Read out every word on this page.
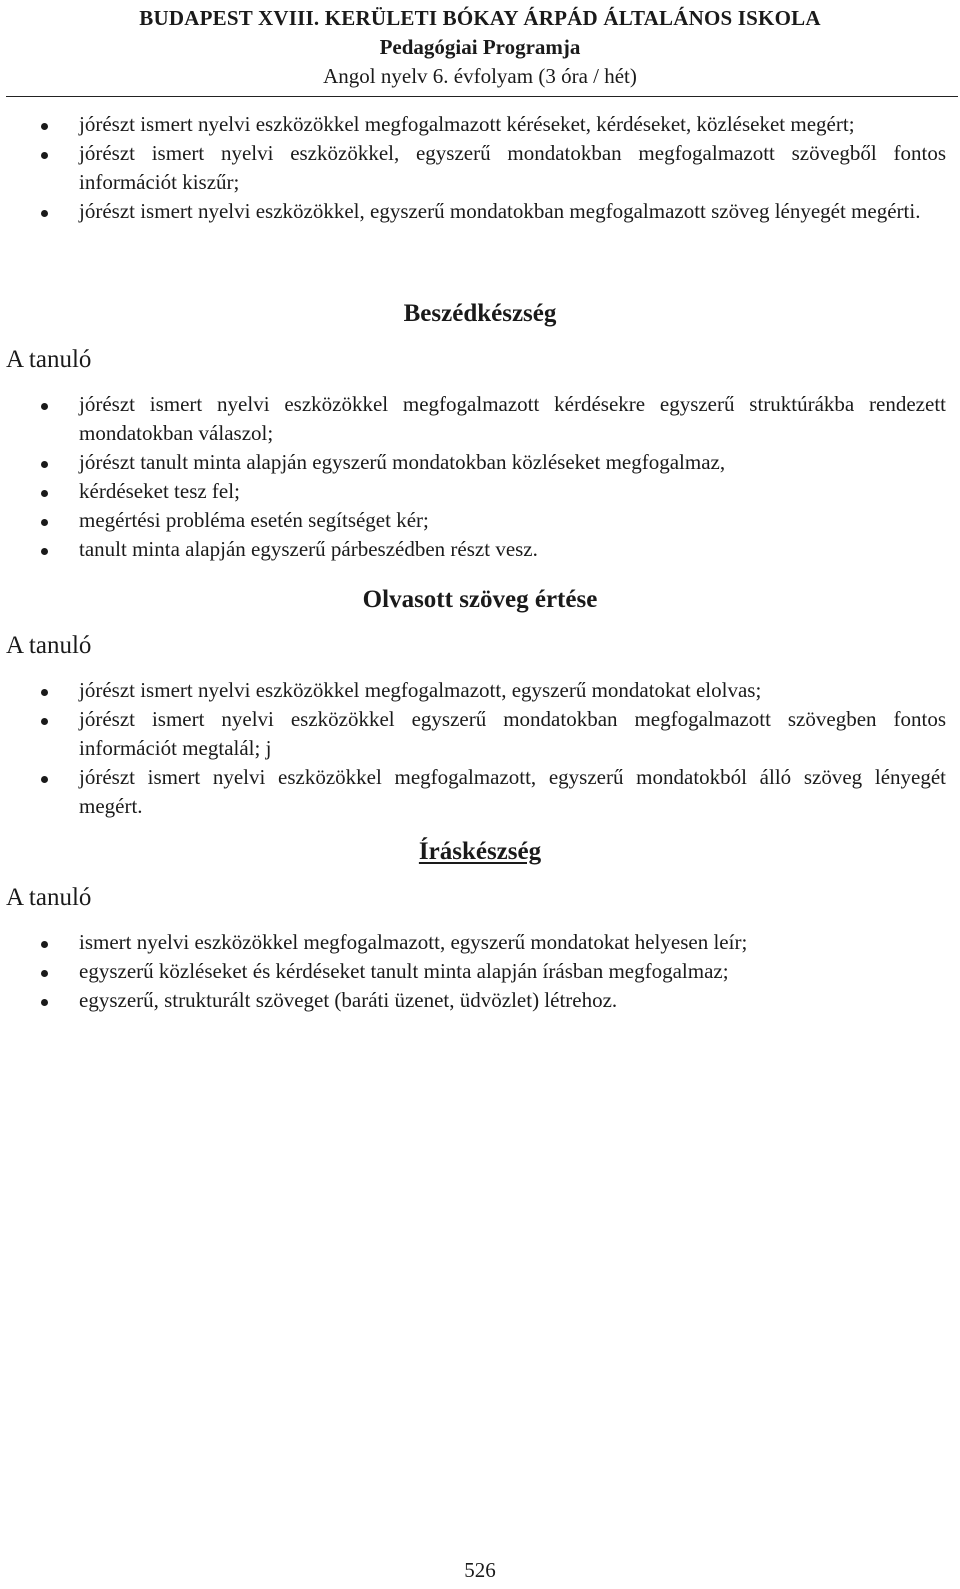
BUDAPEST XVIII. KERÜLETI BÓKAY ÁRPÁD ÁLTALÁNOS ISKOLA
Pedagógiai Programja
Angol nyelv 6. évfolyam (3 óra / hét)
jórészt ismert nyelvi eszközökkel megfogalmazott kéréseket, kérdéseket, közléseket megért;
jórészt ismert nyelvi eszközökkel, egyszerű mondatokban megfogalmazott szövegből fontos információt kiszűr;
jórészt ismert nyelvi eszközökkel, egyszerű mondatokban megfogalmazott szöveg lényegét megérti.
Beszédkészség
A tanuló
jórészt ismert nyelvi eszközökkel megfogalmazott kérdésekre egyszerű struktúrákba rendezett mondatokban válaszol;
jórészt tanult minta alapján egyszerű mondatokban közléseket megfogalmaz,
kérdéseket tesz fel;
megértési probléma esetén segítséget kér;
tanult minta alapján egyszerű párbeszédben részt vesz.
Olvasott szöveg értése
A tanuló
jórészt ismert nyelvi eszközökkel megfogalmazott, egyszerű mondatokat elolvas;
jórészt ismert nyelvi eszközökkel egyszerű mondatokban megfogalmazott szövegben fontos információt megtalál; j
jórészt ismert nyelvi eszközökkel megfogalmazott, egyszerű mondatokból álló szöveg lényegét megért.
Íráskészség
A tanuló
ismert nyelvi eszközökkel megfogalmazott, egyszerű mondatokat helyesen leír;
egyszerű közléseket és kérdéseket tanult minta alapján írásban megfogalmaz;
egyszerű, strukturált szöveget (baráti üzenet, üdvözlet) létrehoz.
526
